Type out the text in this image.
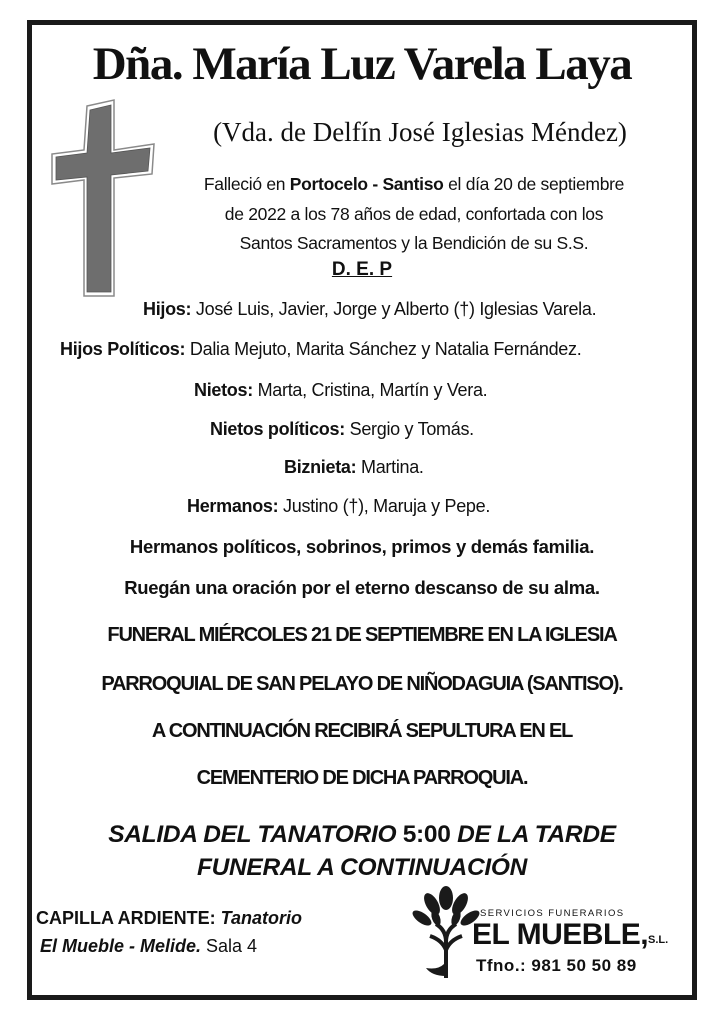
Dña. María Luz Varela Laya
(Vda. de Delfín José Iglesias Méndez)
Falleció en Portocelo - Santiso el día 20 de septiembre
de 2022 a los 78 años de edad, confortada con los
Santos Sacramentos y la Bendición de su S.S.
D. E. P
Hijos: José Luis, Javier, Jorge y Alberto (†) Iglesias Varela.
Hijos Políticos: Dalia Mejuto, Marita Sánchez y Natalia Fernández.
Nietos: Marta, Cristina, Martín y Vera.
Nietos políticos: Sergio y Tomás.
Biznieta: Martina.
Hermanos: Justino (†), Maruja y Pepe.
Hermanos políticos, sobrinos, primos y demás familia.
Ruegán una oración por el eterno descanso de su alma.
FUNERAL MIÉRCOLES 21 DE SEPTIEMBRE EN LA IGLESIA
PARROQUIAL DE SAN PELAYO DE NIÑODAGUIA (SANTISO).
A CONTINUACIÓN RECIBIRÁ SEPULTURA EN EL
CEMENTERIO DE DICHA PARROQUIA.
SALIDA DEL TANATORIO 5:00 DE LA TARDE
FUNERAL A CONTINUACIÓN
CAPILLA ARDIENTE: Tanatorio
El Mueble - Melide. Sala 4
SERVICIOS FUNERARIOS
EL MUEBLE, S.L.
Tfno.: 981 50 50 89
